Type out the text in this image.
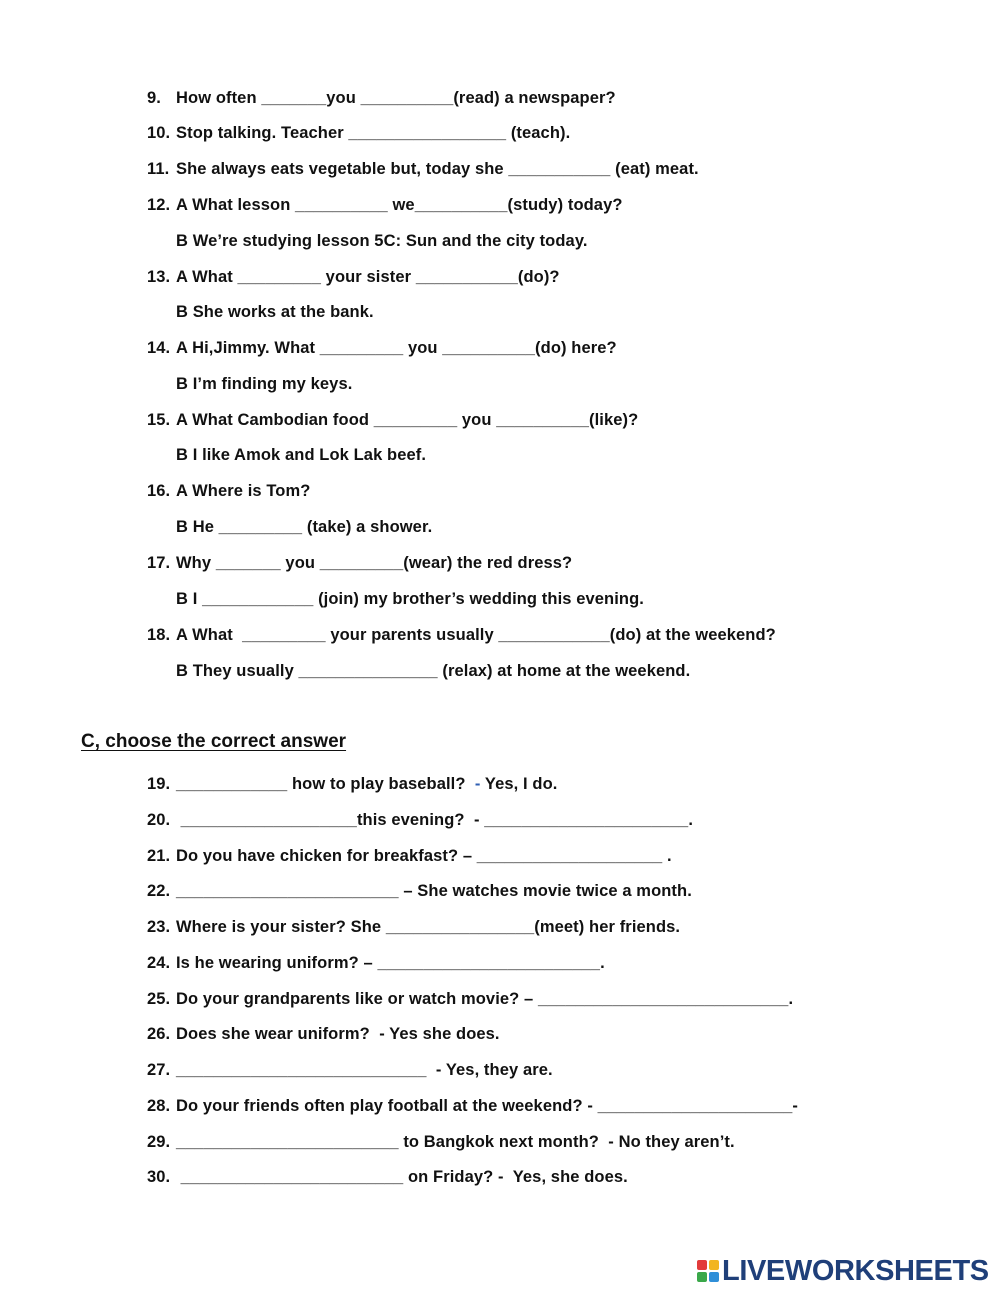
9. How often _______you __________(read) a newspaper?
10. Stop talking. Teacher _________________ (teach).
11. She always eats vegetable but, today she ___________ (eat) meat.
12. A What lesson __________ we__________(study) today?
B We’re studying lesson 5C: Sun and the city today.
13. A What _________ your sister ___________(do)?
B She works at the bank.
14. A Hi,Jimmy. What _________ you __________(do) here?
B I’m finding my keys.
15. A What Cambodian food _________ you __________(like)?
B I like Amok and Lok Lak beef.
16. A Where is Tom?
B He _________ (take) a shower.
17. Why _______ you _________(wear) the red dress?
B I ____________ (join) my brother’s wedding this evening.
18. A What  _________ your parents usually ____________(do) at the weekend?
B They usually _______________ (relax) at home at the weekend.
C, choose the correct answer
19. ____________ how to play baseball?  - Yes, I do.
20. ___________________this evening?  - ______________________.
21. Do you have chicken for breakfast? – ____________________ .
22. ________________________ – She watches movie twice a month.
23. Where is your sister? She ________________(meet) her friends.
24. Is he wearing uniform? – ________________________.
25. Do your grandparents like or watch movie? – ___________________________.
26. Does she wear uniform?  - Yes she does.
27. ___________________________  - Yes, they are.
28. Do your friends often play football at the weekend? - _____________________-
29. ________________________ to Bangkok next month?  - No they aren’t.
30. ________________________ on Friday? -  Yes, she does.
LIVEWORKSHEETS
